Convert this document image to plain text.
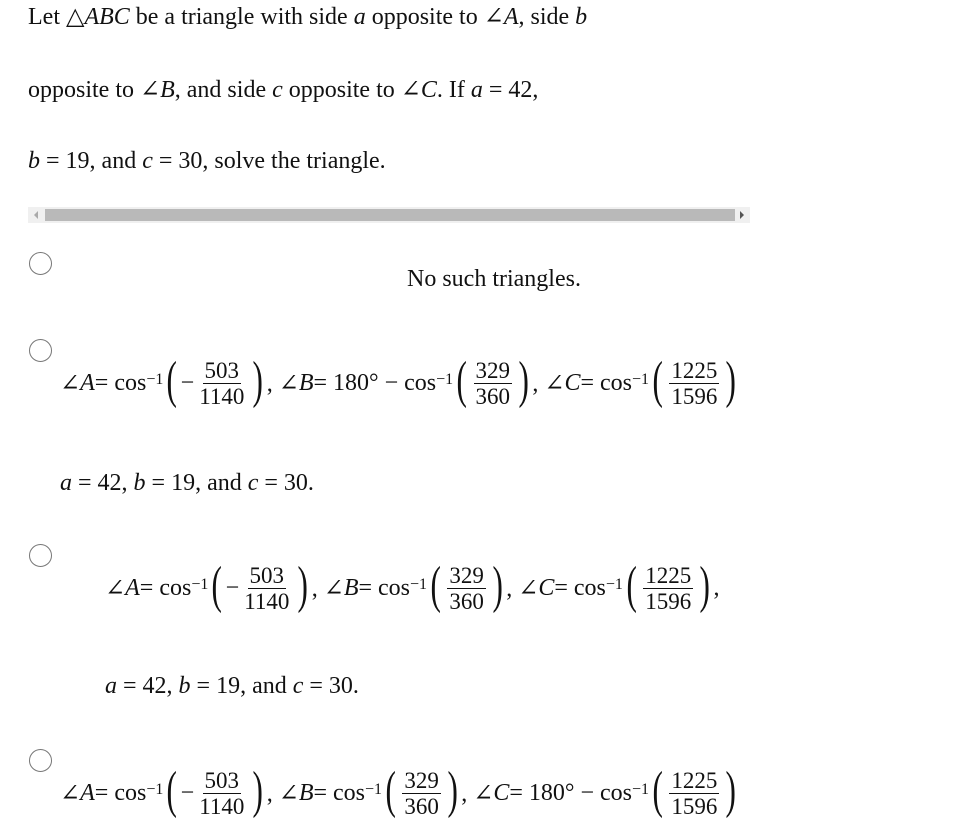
Let △ABC be a triangle with side a opposite to ∠A, side b
opposite to ∠B, and side c opposite to ∠C. If a = 42,
b = 19, and c = 30, solve the triangle.
No such triangles.
∠ $A = \cos^{-1}$ ( − $\frac{503}{1140}$ ) , ∠ $B = 180^\circ - \cos^{-1}$ ( $\frac{329}{360}$ ) , ∠ $C = \cos^{-1}$ ( $\frac{1225}{1596}$ )
a = 42, b = 19, and c = 30.
∠ $A = \cos^{-1}$ ( − $\frac{503}{1140}$ ) , ∠ $B = \cos^{-1}$ ( $\frac{329}{360}$ ) , ∠ $C = \cos^{-1}$ ( $\frac{1225}{1596}$ ) ,
a = 42, b = 19, and c = 30.
∠ $A = \cos^{-1}$ ( − $\frac{503}{1140}$ ) , ∠ $B = \cos^{-1}$ ( $\frac{329}{360}$ ) , ∠ $C = 180^\circ - \cos^{-1}$ ( $\frac{1225}{1596}$ )
